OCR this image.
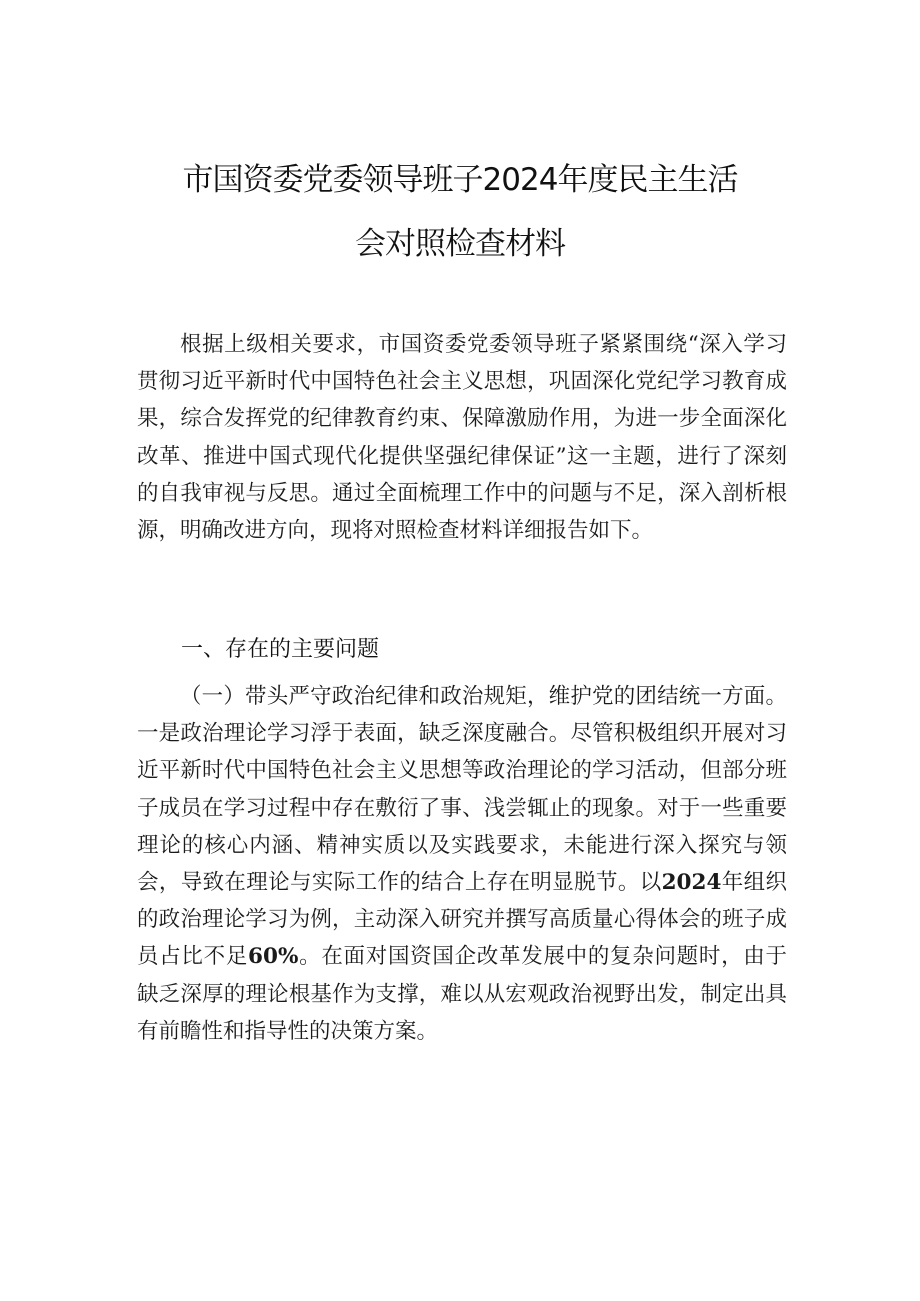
市国资委党委领导班子2024年度民主生活
会对照检查材料

根据上级相关要求，市国资委党委领导班子紧紧围绕“深入学习贯彻习近平新时代中国特色社会主义思想，巩固深化党纪学习教育成果，综合发挥党的纪律教育约束、保障激励作用，为进一步全面深化改革、推进中国式现代化提供坚强纪律保证”这一主题，进行了深刻的自我审视与反思。通过全面梳理工作中的问题与不足，深入剖析根源，明确改进方向，现将对照检查材料详细报告如下。

一、存在的主要问题

（一）带头严守政治纪律和政治规矩，维护党的团结统一方面。一是政治理论学习浮于表面，缺乏深度融合。尽管积极组织开展对习近平新时代中国特色社会主义思想等政治理论的学习活动，但部分班子成员在学习过程中存在敷衍了事、浅尝辄止的现象。对于一些重要理论的核心内涵、精神实质以及实践要求，未能进行深入探究与领会，导致在理论与实际工作的结合上存在明显脱节。以2024年组织的政治理论学习为例，主动深入研究并撰写高质量心得体会的班子成员占比不足60%。在面对国资国企改革发展中的复杂问题时，由于缺乏深厚的理论根基作为支撑，难以从宏观政治视野出发，制定出具有前瞻性和指导性的决策方案。
